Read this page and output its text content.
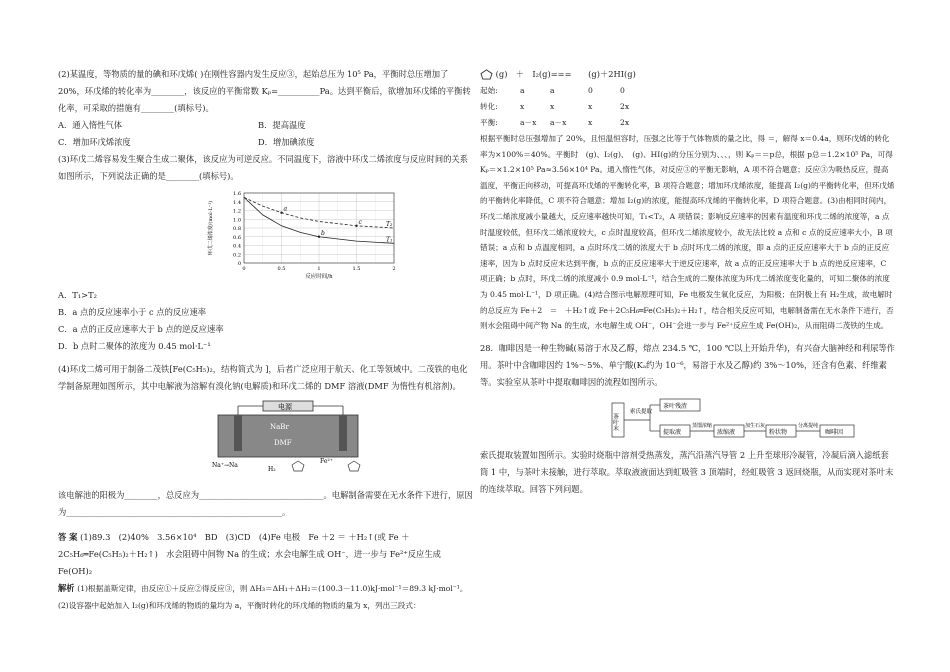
(2)某温度，等物质的量的碘和环戊烯( )在刚性容器内发生反应③，起始总压为 10⁵ Pa，平衡时总压增加了 20%，环戊烯的转化率为________，该反应的平衡常数 Kₚ=__________Pa。达到平衡后，欲增加环戊烯的平衡转化率，可采取的措施有________(填标号)。

A．通入惰性气体	B．提高温度
C．增加环戊烯浓度	D．增加碘浓度

(3)环戊二烯容易发生聚合生成二聚体，该反应为可逆反应。不同温度下，溶液中环戊二烯浓度与反应时间的关系如图所示，下列说法正确的是________(填标号)。

0
0.2
0.4
0.6
0.8
1.0
1.2
1.4
1.6
0	0.5	1	1.5	2
反应时间/h
环戊二烯浓度/(mol·L⁻¹)	T₁
T₂
a
b
c

A．T₁>T₂

B．a 点的反应速率小于 c 点的反应速率

C．a 点的正反应速率大于 b 点的逆反应速率

D．b 点时二聚体的浓度为 0.45 mol·L⁻¹

(4)环戊二烯可用于制备二茂铁[Fe(C₅H₅)₂，结构简式为 ]，后者广泛应用于航天、化工等领域中。二茂铁的电化学制备原理如图所示，其中电解液为溶解有溴化钠(电解质)和环戊二烯的 DMF 溶液(DMF 为惰性有机溶剂)。

电源
NaBr
DMF
Na⁺→Na
H₂
Fe²⁺

该电解池的阳极为________，总反应为______________________________。电解制备需要在无水条件下进行，原因为____________________________________________________。

答 案 (1)89.3　(2)40%　3.56×10⁴　BD　(3)CD　(4)Fe 电极　Fe ＋2 ＝ ＋H₂↑(或 Fe ＋ 2C₅H₆═Fe(C₅H₅)₂＋H₂↑)　水会阻碍中间物 Na 的生成；水会电解生成 OH⁻，进一步与 Fe²⁺反应生成 Fe(OH)₂

解析 (1)根据盖斯定律，由反应①＋反应②得反应③，则 ΔH₃＝ΔH₁＋ΔH₂＝(100.3－11.0)kJ·mol⁻¹＝89.3 kJ·mol⁻¹。(2)设容器中起始加入 I₂(g)和环戊烯的物质的量均为 a，平衡时转化的环戊烯的物质的量为 x，列出三段式：

(g)　＋　I₂(g)===　　(g)＋2HI(g)

起始:	a	a	0	0
转化:	x	x	x	2x
平衡:	a－x	a－x	x	2x

根据平衡时总压强增加了 20%，且恒温恒容时，压强之比等于气体物质的量之比，得 ＝，解得 x＝0.4a，则环戊烯的转化率为×100%＝40%。平衡时　(g)、I₂(g)、　(g)、HI(g)的分压分别为、、、，则 Kₚ＝＝p总，根据 p总＝1.2×10⁵ Pa，可得 Kₚ＝×1.2×10⁵ Pa≈3.56×10⁴ Pa。通入惰性气体，对反应③的平衡无影响，A 项不符合题意；反应③为吸热反应，提高温度，平衡正向移动，可提高环戊烯的平衡转化率，B 项符合题意；增加环戊烯浓度，能提高 I₂(g)的平衡转化率，但环戊烯的平衡转化率降低，C 项不符合题意；增加 I₂(g)的浓度，能提高环戊烯的平衡转化率，D 项符合题意。(3)由相同时间内，环戊二烯浓度减小量越大，反应速率越快可知，T₁<T₂，A 项错误；影响反应速率的因素有温度和环戊二烯的浓度等，a 点时温度较低，但环戊二烯浓度较大，c 点时温度较高，但环戊二烯浓度较小，故无法比较 a 点和 c 点的反应速率大小，B 项错误；a 点和 b 点温度相同，a 点时环戊二烯的浓度大于 b 点时环戊二烯的浓度，即 a 点的正反应速率大于 b 点的正反应速率，因为 b 点时反应未达到平衡，b 点的正反应速率大于逆反应速率，故 a 点的正反应速率大于 b 点的逆反应速率，C 项正确；b 点时，环戊二烯的浓度减小 0.9 mol·L⁻¹，结合生成的二聚体浓度为环戊二烯浓度变化量的，可知二聚体的浓度为 0.45 mol·L⁻¹，D 项正确。(4)结合图示电解原理可知，Fe 电极发生氧化反应，为阳极；在阴极上有 H₂生成，故电解时的总反应为 Fe＋2　＝　＋H₂↑或 Fe＋2C₅H₆═Fe(C₅H₅)₂＋H₂↑，结合相关反应可知，电解制备需在无水条件下进行，否则水会阻碍中间产物 Na 的生成，水电解生成 OH⁻，OH⁻会进一步与 Fe²⁺反应生成 Fe(OH)₂，从而阻碍二茂铁的生成。

28．咖啡因是一种生物碱(易溶于水及乙醇，熔点 234.5 ℃，100 ℃以上开始升华)，有兴奋大脑神经和利尿等作用。茶叶中含咖啡因约 1%～5%、单宁酸(Kₐ约为 10⁻⁶，易溶于水及乙醇)约 3%～10%，还含有色素、纤维素等。实验室从茶叶中提取咖啡因的流程如图所示。

茶叶末
索氏提取
茶叶残渣
提取液
蒸馏浓缩
浓缩液
加生石灰
粉状物
分离提纯
咖啡因

索氏提取装置如图所示。实验时烧瓶中溶剂受热蒸发，蒸汽沿蒸汽导管 2 上升至球形冷凝管，冷凝后滴入滤纸套筒 1 中，与茶叶末接触，进行萃取。萃取液液面达到虹吸管 3 顶端时，经虹吸管 3 返回烧瓶，从而实现对茶叶末的连续萃取。回答下列问题。
